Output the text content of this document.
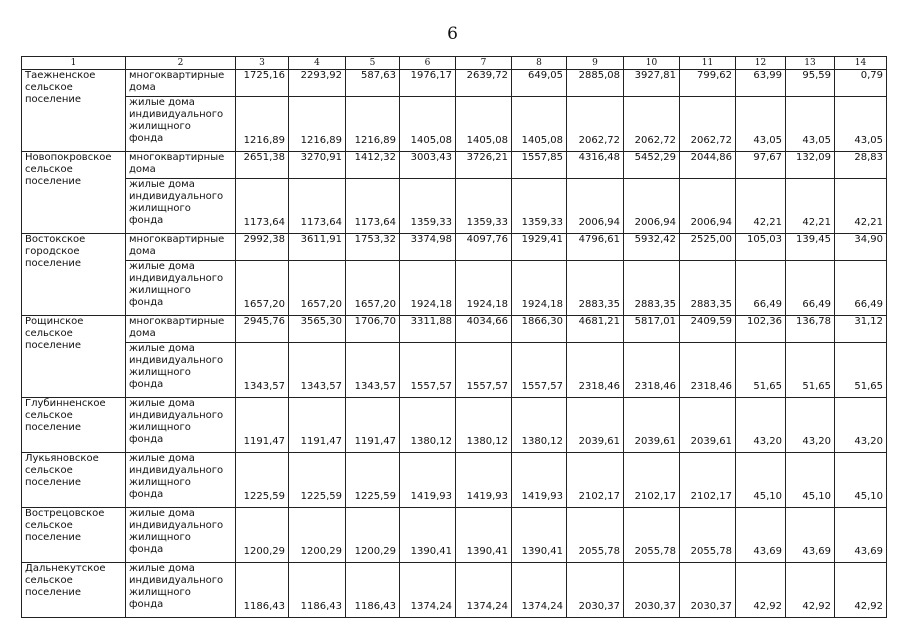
6
1	2	3	4	5	6	7	8	9	10	11	12	13	14
Таежненское
сельское
поселение	многоквартирные
дома	1725,16	2293,92	587,63	1976,17	2639,72	649,05	2885,08	3927,81	799,62	63,99	95,59	0,79
	жилые дома
индивидуального
жилищного
фонда	1216,89	1216,89	1216,89	1405,08	1405,08	1405,08	2062,72	2062,72	2062,72	43,05	43,05	43,05
Новопокровское
сельское
поселение	многоквартирные
дома	2651,38	3270,91	1412,32	3003,43	3726,21	1557,85	4316,48	5452,29	2044,86	97,67	132,09	28,83
	жилые дома
индивидуального
жилищного
фонда	1173,64	1173,64	1173,64	1359,33	1359,33	1359,33	2006,94	2006,94	2006,94	42,21	42,21	42,21
Востокское
городское
поселение	многоквартирные
дома	2992,38	3611,91	1753,32	3374,98	4097,76	1929,41	4796,61	5932,42	2525,00	105,03	139,45	34,90
	жилые дома
индивидуального
жилищного
фонда	1657,20	1657,20	1657,20	1924,18	1924,18	1924,18	2883,35	2883,35	2883,35	66,49	66,49	66,49
Рощинское
сельское
поселение	многоквартирные
дома	2945,76	3565,30	1706,70	3311,88	4034,66	1866,30	4681,21	5817,01	2409,59	102,36	136,78	31,12
	жилые дома
индивидуального
жилищного
фонда	1343,57	1343,57	1343,57	1557,57	1557,57	1557,57	2318,46	2318,46	2318,46	51,65	51,65	51,65
Глубинненское
сельское
поселение	жилые дома
индивидуального
жилищного
фонда	1191,47	1191,47	1191,47	1380,12	1380,12	1380,12	2039,61	2039,61	2039,61	43,20	43,20	43,20
Лукьяновское
сельское
поселение	жилые дома
индивидуального
жилищного
фонда	1225,59	1225,59	1225,59	1419,93	1419,93	1419,93	2102,17	2102,17	2102,17	45,10	45,10	45,10
Вострецовское
сельское
поселение	жилые дома
индивидуального
жилищного
фонда	1200,29	1200,29	1200,29	1390,41	1390,41	1390,41	2055,78	2055,78	2055,78	43,69	43,69	43,69
Дальнекутское
сельское
поселение	жилые дома
индивидуального
жилищного
фонда	1186,43	1186,43	1186,43	1374,24	1374,24	1374,24	2030,37	2030,37	2030,37	42,92	42,92	42,92
